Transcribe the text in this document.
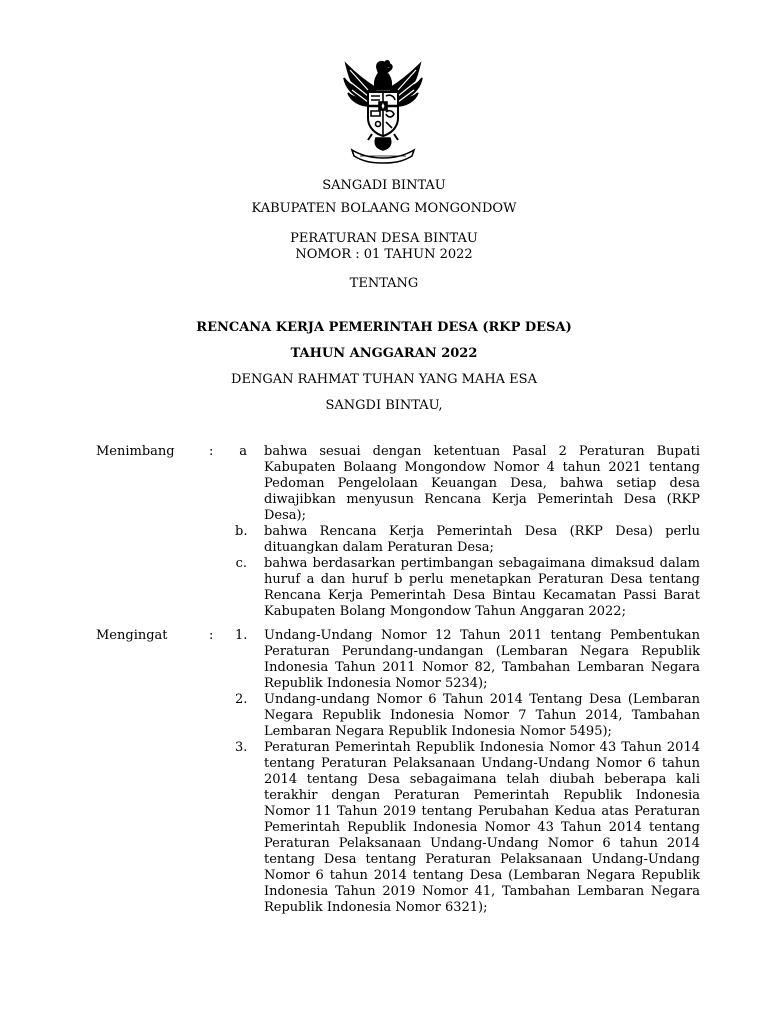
SANGADI BINTAU
KABUPATEN BOLAANG MONGONDOW
PERATURAN DESA BINTAU
NOMOR : 01 TAHUN 2022
TENTANG
RENCANA KERJA PEMERINTAH DESA (RKP DESA)
TAHUN ANGGARAN 2022
DENGAN RAHMAT TUHAN YANG MAHA ESA
SANGDI BINTAU,
Menimbang	:	a bahwa sesuai dengan ketentuan Pasal 2 Peraturan Bupati Kabupaten Bolaang Mongondow Nomor 4 tahun 2021 tentang Pedoman Pengelolaan Keuangan Desa, bahwa setiap desa diwajibkan menyusun Rencana Kerja Pemerintah Desa (RKP Desa);
b. bahwa Rencana Kerja Pemerintah Desa (RKP Desa) perlu dituangkan dalam Peraturan Desa;
c. bahwa berdasarkan pertimbangan sebagaimana dimaksud dalam huruf a dan huruf b perlu menetapkan Peraturan Desa tentang Rencana Kerja Pemerintah Desa Bintau Kecamatan Passi Barat Kabupaten Bolang Mongondow Tahun Anggaran 2022;
Mengingat	: 1. Undang-Undang Nomor 12 Tahun 2011 tentang Pembentukan Peraturan Perundang-undangan (Lembaran Negara Republik Indonesia Tahun 2011 Nomor 82, Tambahan Lembaran Negara Republik Indonesia Nomor 5234);
2. Undang-undang Nomor 6 Tahun 2014 Tentang Desa (Lembaran Negara Republik Indonesia Nomor 7 Tahun 2014, Tambahan Lembaran Negara Republik Indonesia Nomor 5495);
3. Peraturan Pemerintah Republik Indonesia Nomor 43 Tahun 2014 tentang Peraturan Pelaksanaan Undang-Undang Nomor 6 tahun 2014 tentang Desa sebagaimana telah diubah beberapa kali terakhir dengan Peraturan Pemerintah Republik Indonesia Nomor 11 Tahun 2019 tentang Perubahan Kedua atas Peraturan Pemerintah Republik Indonesia Nomor 43 Tahun 2014 tentang Peraturan Pelaksanaan Undang-Undang Nomor 6 tahun 2014 tentang Desa tentang Peraturan Pelaksanaan Undang-Undang Nomor 6 tahun 2014 tentang Desa (Lembaran Negara Republik Indonesia Tahun 2019 Nomor 41, Tambahan Lembaran Negara Republik Indonesia Nomor 6321);
